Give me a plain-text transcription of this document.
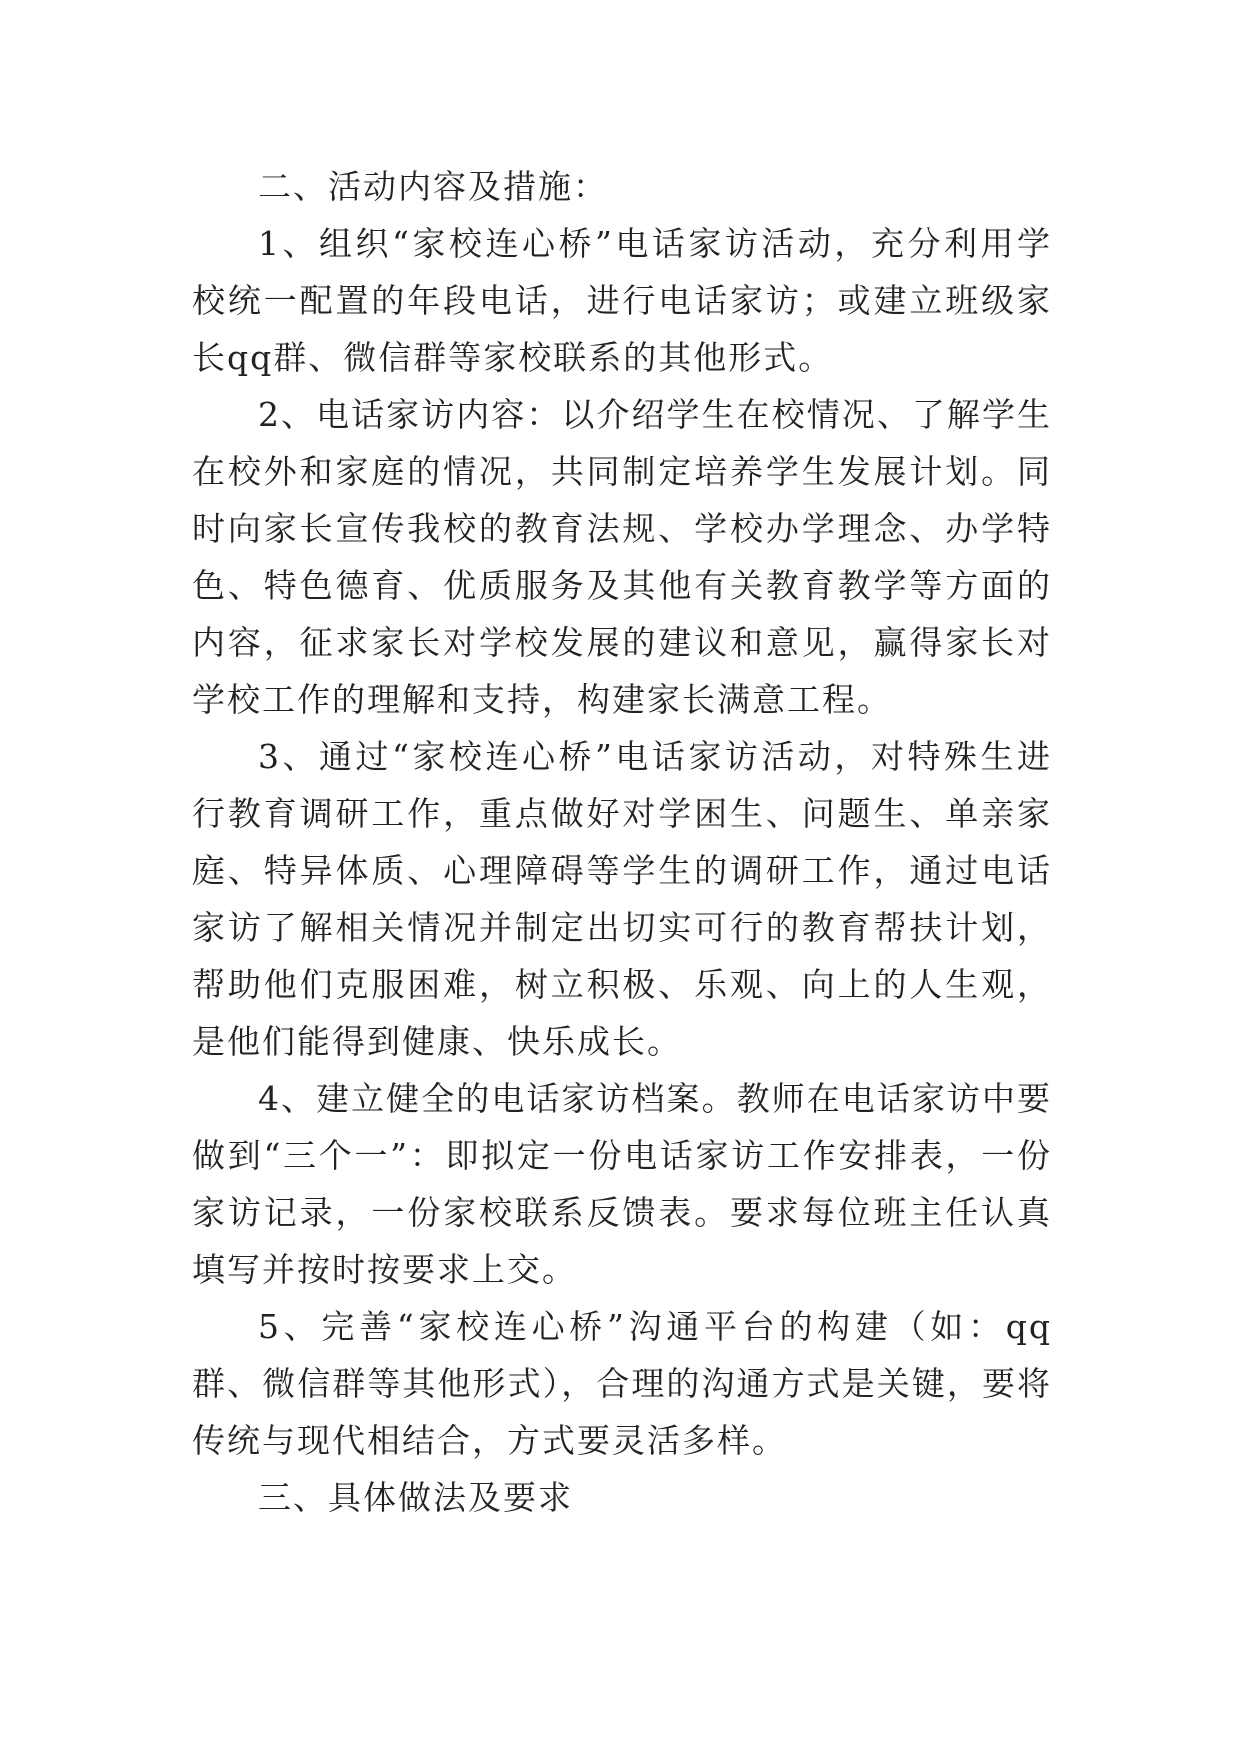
二、活动内容及措施：

1、组织“家校连心桥”电话家访活动，充分利用学校统一配置的年段电话，进行电话家访；或建立班级家长qq群、微信群等家校联系的其他形式。

2、电话家访内容：以介绍学生在校情况、了解学生在校外和家庭的情况，共同制定培养学生发展计划。同时向家长宣传我校的教育法规、学校办学理念、办学特色、特色德育、优质服务及其他有关教育教学等方面的内容，征求家长对学校发展的建议和意见，赢得家长对学校工作的理解和支持，构建家长满意工程。

3、通过“家校连心桥”电话家访活动，对特殊生进行教育调研工作，重点做好对学困生、问题生、单亲家庭、特异体质、心理障碍等学生的调研工作，通过电话家访了解相关情况并制定出切实可行的教育帮扶计划，帮助他们克服困难，树立积极、乐观、向上的人生观，是他们能得到健康、快乐成长。

4、建立健全的电话家访档案。教师在电话家访中要做到“三个一”：即拟定一份电话家访工作安排表，一份家访记录，一份家校联系反馈表。要求每位班主任认真填写并按时按要求上交。

5、完善“家校连心桥”沟通平台的构建（如：qq群、微信群等其他形式），合理的沟通方式是关键，要将传统与现代相结合，方式要灵活多样。

三、具体做法及要求
